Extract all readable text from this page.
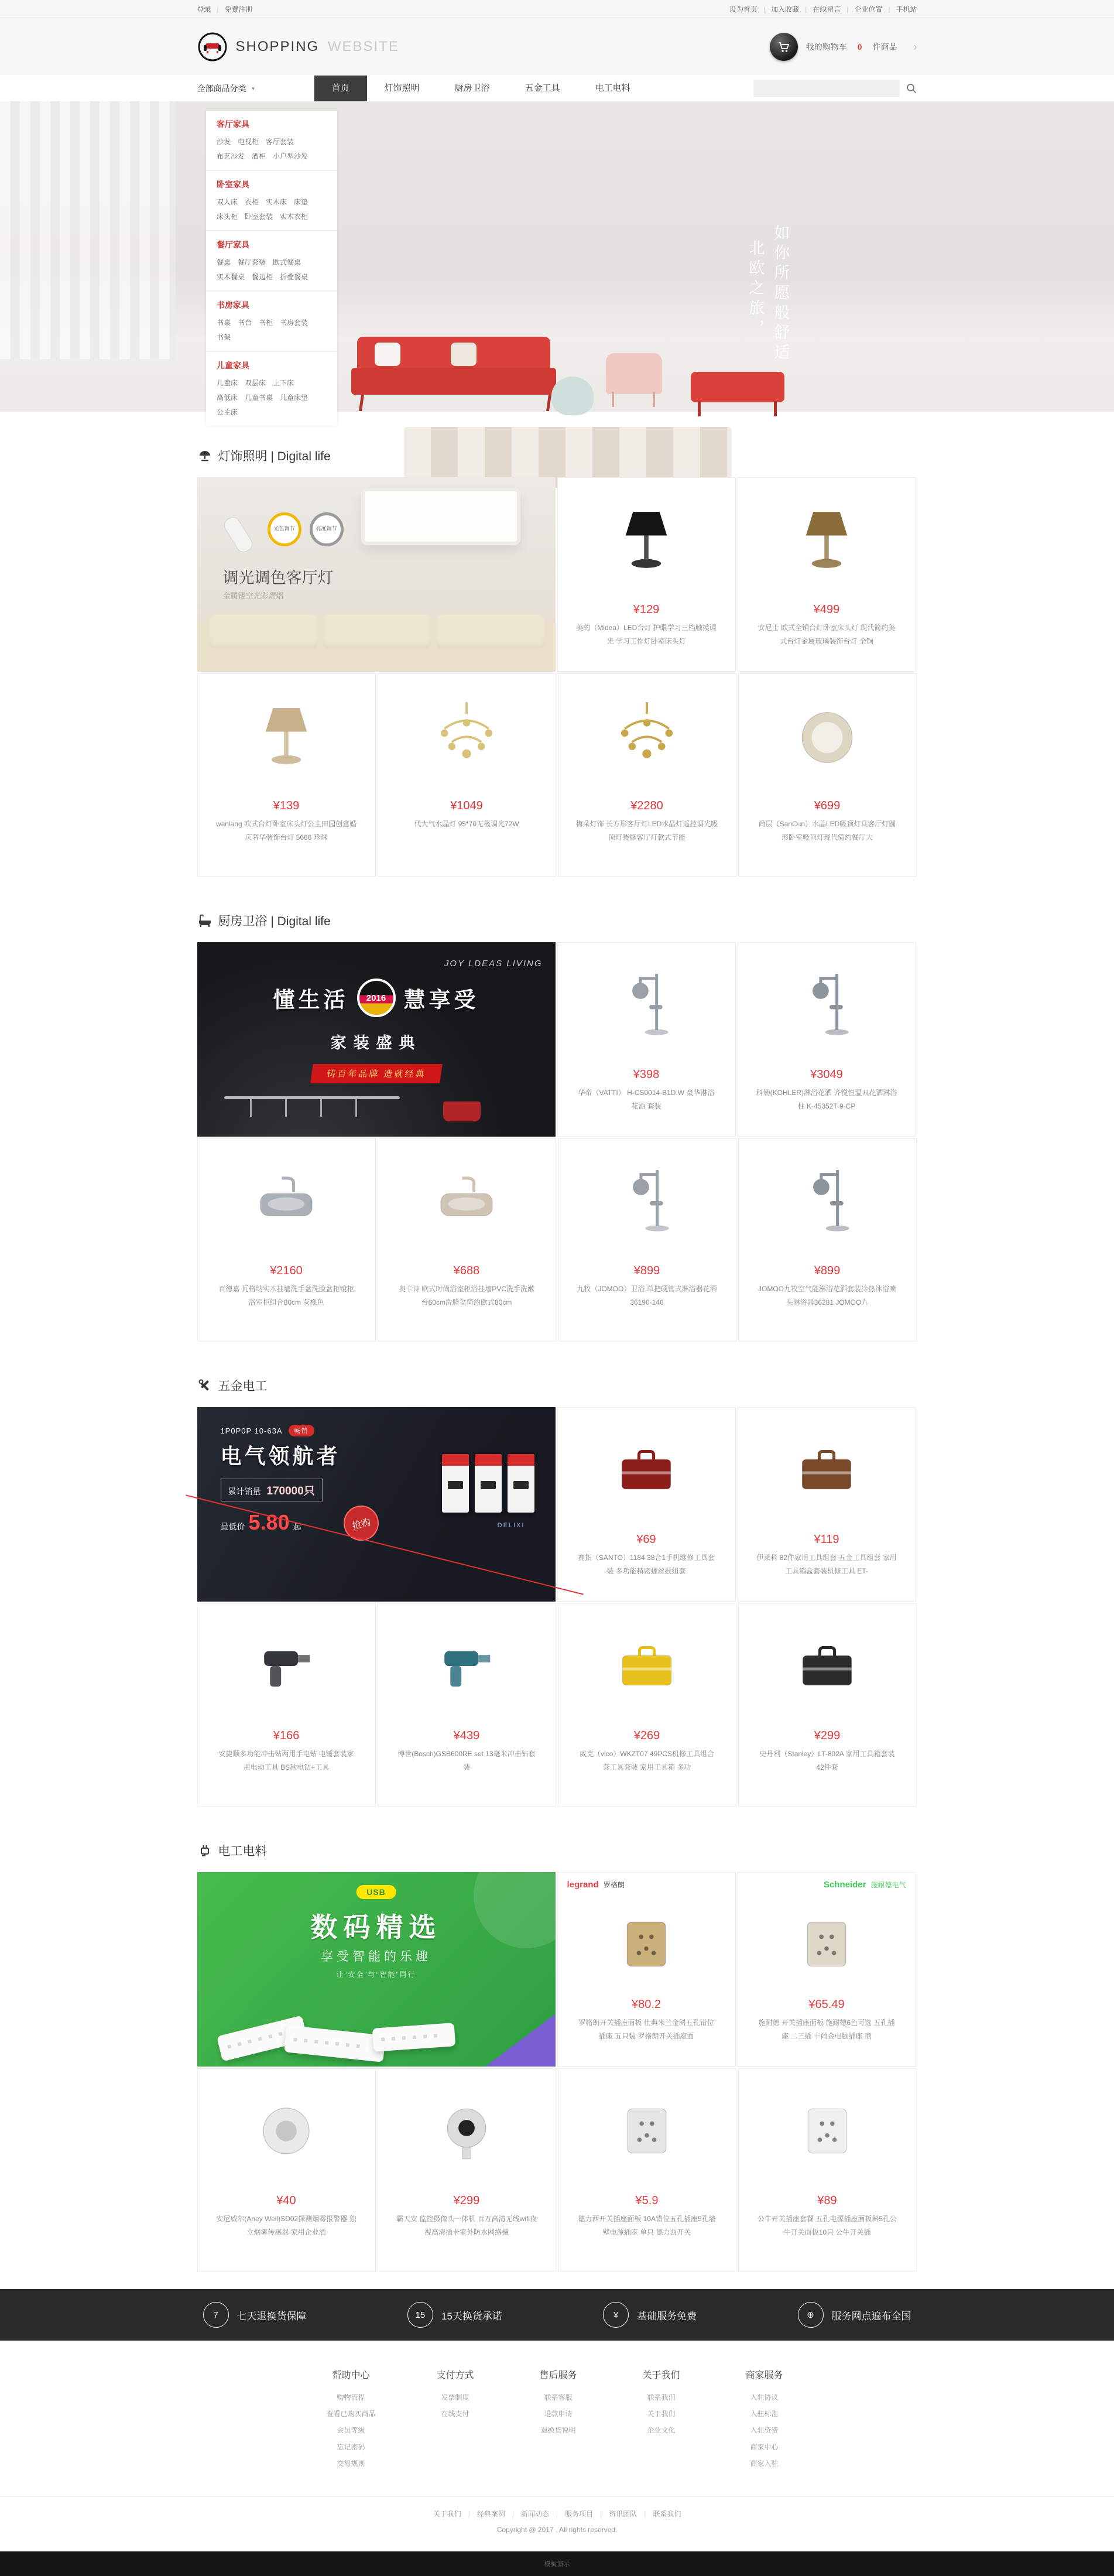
登录 | 免费注册	设为首页 | 加入收藏 | 在线留言 | 企业位置 | 手机站
SHOPPING WEBSITE	我的购物车 0 件商品 ›
全部商品分类 ▼	首页	灯饰照明	厨房卫浴	五金工具	电工电料
如你所愿般舒适
北欧之旅，
客厅家具
沙发 电视柜 客厅套装布艺沙发 酒柜 小户型沙发
卧室家具
双人床 衣柜 实木床 床垫床头柜 卧室套装 实木衣柜
餐厅家具
餐桌 餐厅套装 欧式餐桌实木餐桌 餐边柜 折叠餐桌
书房家具
书桌 书台 书柜 书房套装书架
儿童家具
儿童床 双层床 上下床高低床 儿童书桌 儿童床垫公主床
灯饰照明 | Digital life
光色调节	亮度调节
调光调色客厅灯
金属镂空光彩熠熠
¥129
美的（Midea）LED台灯 护眼学习三档触摸调光 学习工作灯卧室床头灯
¥499
安尼士 欧式全铜台灯卧室床头灯 现代简约美式台灯金属玻璃装饰台灯 全铜
¥139
wanlang 欧式台灯卧室床头灯公主田园创意婚庆奢华装饰台灯 5666 珍珠
¥1049
代大气水晶灯 95*70无极调光72W
¥2280
梅朵灯饰 长方形客厅灯LED水晶灯遥控调光吸顶灯装修客厅灯款式节能
¥699
尚层（SanCun）水晶LED吸顶灯具客厅灯圆形卧室吸顶灯现代简约餐厅大
厨房卫浴 | Digital life
JOY LDEAS LIVING
懂生活	2016 慧享受
家装盛典
铸百年品牌 造就经典	¥398
华帝（VATTI） H-CS0014-B1D.W 豪华淋浴 花洒 套装
¥3049
科勒(KOHLER)淋浴花洒 齐悦恒温双花洒淋浴柱 K-45352T-9-CP
¥2160
百德嘉 瓦格纳实木挂墙洗手盆洗脸盆柜镜柜浴室柜组合80cm 灰橡色
¥688
奥卡诗 欧式时尚浴室柜浴挂墙PVC洗手洗漱台60cm洗脸盆简约欧式80cm
¥899
九牧（JOMOO）卫浴 单把硬管式淋浴器花洒36190-146
¥899
JOMOO九牧空气能淋浴花洒套装冷热沐浴喷头淋浴器36281 JOMOO九
五金电工
1P0P0P 10-63A	畅销
电气领航者
累计销量 170000只
最低价 5.80 起	抢购	DELIXI
¥69
赛拓（SANTO）1184 38合1手机维修工具套装 多功能精密螺丝批组套
¥119
伊莱科 82件家用工具组套 五金工具组套 家用工具箱盒套装机修工具 ET-
¥166
安捷顺多功能冲击钻两用手电钻 电锤套装家用电动工具 BS款电钻+工具
¥439
博世(Bosch)GSB600RE set 13毫米冲击钻套装
¥269
威克（vico）WKZT07 49PCS机修工具组合 套工具套装 家用工具箱 多功
¥299
史丹利（Stanley）LT-802A 家用工具箱套装42件套
电工电料
USB
数码精选
享受智能的乐趣
让“安全”与“智能”同行
legrand 罗格朗
¥80.2
罗格朗开关插座面板 仕典米兰金斜五孔错位插座 五只装 罗格朗开关插座面
Schneider 施耐德电气
¥65.49
施耐德 开关插座面板 施耐德6色可选 五孔插座 二三插 丰尚金电脑插座 商
¥40
安尼威尔(Aney Well)SD02探测烟雾报警器 独立烟雾传感器 家用企业酒
¥299
霸天安 监控摄像头一体机 百万高清无线wifi夜视高清插卡室外防水网络摄
¥5.9
德力西开关插座面板 10A错位五孔插座5孔墙壁电源插座 单只 德力西开关
¥89
公牛开关插座套餐 五孔电源插座面板斜5孔公牛开关面板10只 公牛开关插
7	七天退换货保障	15	15天换货承诺	¥	基础服务免费	⊕	服务网点遍布全国
帮助中心
购物流程
查看已购买商品
会员等级
忘记密码
交易规则
支付方式
发票制度
在线支付
售后服务
联系客服
退款申请
退换货说明
关于我们
联系我们
关于我们
企业文化
商家服务
入驻协议
入驻标准
入驻资费
商家中心
商家入驻
关于我们 | 经典案例 | 新闻动态 | 服务项目 | 资讯团队 | 联系我们
Copyright @ 2017 . All rights reserved.
模板演示
